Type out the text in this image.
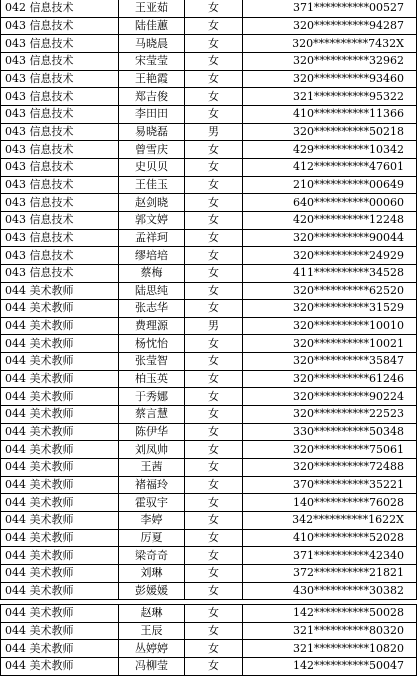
042 信息技术	王亚茹	女	371**********00527
043 信息技术	陆佳蕙	女	320**********94287
043 信息技术	马晓晨	女	320**********7432X
043 信息技术	宋莹莹	女	320**********32962
043 信息技术	王艳霞	女	320**********93460
043 信息技术	郑吉俊	女	321**********95322
043 信息技术	李田田	女	410**********11366
043 信息技术	易晓磊	男	320**********50218
043 信息技术	曾雪庆	女	429**********10342
043 信息技术	史贝贝	女	412**********47601
043 信息技术	王佳玉	女	210**********00649
043 信息技术	赵剑晓	女	640**********00060
043 信息技术	郭文婷	女	420**********12248
043 信息技术	孟祥珂	女	320**********90044
043 信息技术	缪培培	女	320**********24929
043 信息技术	蔡梅	女	411**********34528
044 美术教师	陆思纯	女	320**********62520
044 美术教师	张志华	女	320**********31529
044 美术教师	费理源	男	320**********10010
044 美术教师	杨忱怡	女	320**********10021
044 美术教师	张莹智	女	320**********35847
044 美术教师	柏玉英	女	320**********61246
044 美术教师	于秀娜	女	320**********90224
044 美术教师	蔡言慧	女	320**********22523
044 美术教师	陈伊华	女	330**********50348
044 美术教师	刘凤帅	女	320**********75061
044 美术教师	王茜	女	320**********72488
044 美术教师	褚福玲	女	370**********35221
044 美术教师	霍驭宇	女	140**********76028
044 美术教师	李婷	女	342**********1622X
044 美术教师	厉夏	女	410**********52028
044 美术教师	梁奇奇	女	371**********42340
044 美术教师	刘琳	女	372**********21821
044 美术教师	彭媛媛	女	430**********30382
044 美术教师	赵琳	女	142**********50028
044 美术教师	王辰	女	321**********80320
044 美术教师	丛婷婷	女	321**********10820
044 美术教师	冯柳莹	女	142**********50047
